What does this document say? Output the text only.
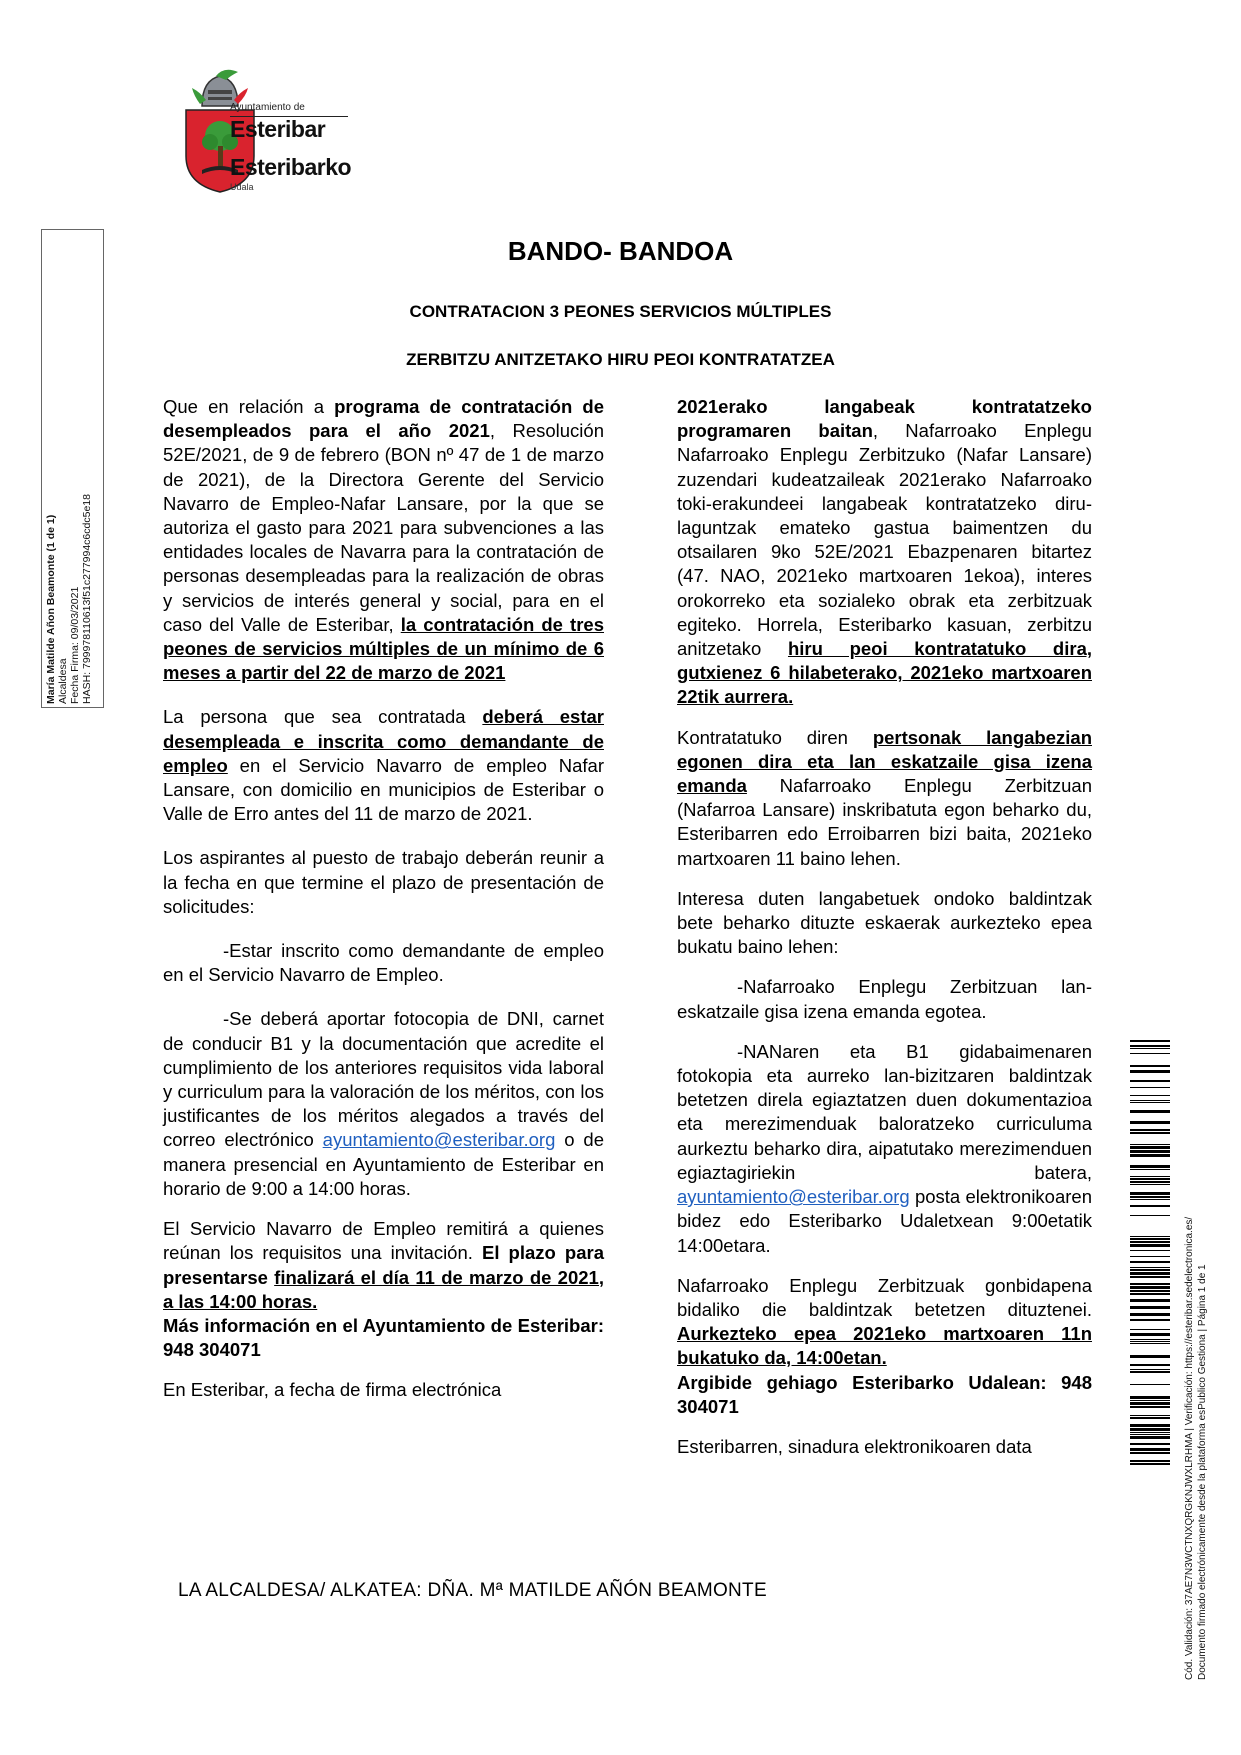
Ayuntamiento de
Esteribar
Esteribarko
Udala
María Matilde Añon Beamonte (1 de 1) Alcaldesa Fecha Firma: 09/03/2021 HASH: 799978110613f51c277994c6cdc5e18
BANDO- BANDOA
CONTRATACION 3 PEONES SERVICIOS MÚLTIPLES
ZERBITZU ANITZETAKO HIRU PEOI KONTRATATZEA

Que en relación a programa de contratación de desempleados para el año 2021, Resolución 52E/2021, de 9 de febrero (BON nº 47 de 1 de marzo de 2021), de la Directora Gerente del Servicio Navarro de Empleo-Nafar Lansare, por la que se autoriza el gasto para 2021 para subvenciones a las entidades locales de Navarra para la contratación de personas desempleadas para la realización de obras y servicios de interés general y social, para en el caso del Valle de Esteribar, la contratación de tres peones de servicios múltiples de un mínimo de 6 meses a partir del 22 de marzo de 2021

La persona que sea contratada deberá estar desempleada e inscrita como demandante de empleo en el Servicio Navarro de empleo Nafar Lansare, con domicilio en municipios de Esteribar o Valle de Erro antes del 11 de marzo de 2021.

Los aspirantes al puesto de trabajo deberán reunir a la fecha en que termine el plazo de presentación de solicitudes:

-Estar inscrito como demandante de empleo en el Servicio Navarro de Empleo.

-Se deberá aportar fotocopia de DNI, carnet de conducir B1 y la documentación que acredite el cumplimiento de los anteriores requisitos vida laboral y curriculum para la valoración de los méritos, con los justificantes de los méritos alegados a través del correo electrónico ayuntamiento@esteribar.org o de manera presencial en Ayuntamiento de Esteribar en horario de 9:00 a 14:00 horas.

El Servicio Navarro de Empleo remitirá a quienes reúnan los requisitos una invitación. El plazo para presentarse finalizará el día 11 de marzo de 2021, a las 14:00 horas.
Más información en el Ayuntamiento de Esteribar: 948 304071

En Esteribar, a fecha de firma electrónica

2021erako langabeak kontratatzeko programaren baitan, Nafarroako Enplegu Nafarroako Enplegu Zerbitzuko (Nafar Lansare) zuzendari kudeatzaileak 2021erako Nafarroako toki-erakundeei langabeak kontratatzeko diru-laguntzak emateko gastua baimentzen du otsailaren 9ko 52E/2021 Ebazpenaren bitartez (47. NAO, 2021eko martxoaren 1ekoa), interes orokorreko eta sozialeko obrak eta zerbitzuak egiteko. Horrela, Esteribarko kasuan, zerbitzu anitzetako hiru peoi kontratatuko dira, gutxienez 6 hilabeterako, 2021eko martxoaren 22tik aurrera.

Kontratatuko diren pertsonak langabezian egonen dira eta lan eskatzaile gisa izena emanda Nafarroako Enplegu Zerbitzuan (Nafarroa Lansare) inskribatuta egon beharko du, Esteribarren edo Erroibarren bizi baita, 2021eko martxoaren 11 baino lehen.

Interesa duten langabetuek ondoko baldintzak bete beharko dituzte eskaerak aurkezteko epea bukatu baino lehen:

-Nafarroako Enplegu Zerbitzuan lan-eskatzaile gisa izena emanda egotea.

-NANaren eta B1 gidabaimenaren fotokopia eta aurreko lan-bizitzaren baldintzak betetzen direla egiaztatzen duen dokumentazioa eta merezimenduak baloratzeko curriculuma aurkeztu beharko dira, aipatutako merezimenduen egiaztagiriekin batera, ayuntamiento@esteribar.org posta elektronikoaren bidez edo Esteribarko Udaletxean 9:00etatik 14:00etara.

Nafarroako Enplegu Zerbitzuak gonbidapena bidaliko die baldintzak betetzen dituztenei. Aurkezteko epea 2021eko martxoaren 11n bukatuko da, 14:00etan.
Argibide gehiago Esteribarko Udalean: 948 304071

Esteribarren, sinadura elektronikoaren data

LA ALCALDESA/ ALKATEA: DÑA. Mª MATILDE AÑÓN BEAMONTE	Cód. Validación: 37AE7N3WCTNXQRGKNJWXLRHMA | Verificación: https://esteribar.sedelectronica.es/ Documento firmado electrónicamente desde la plataforma esPublico Gestiona | Página 1 de 1
